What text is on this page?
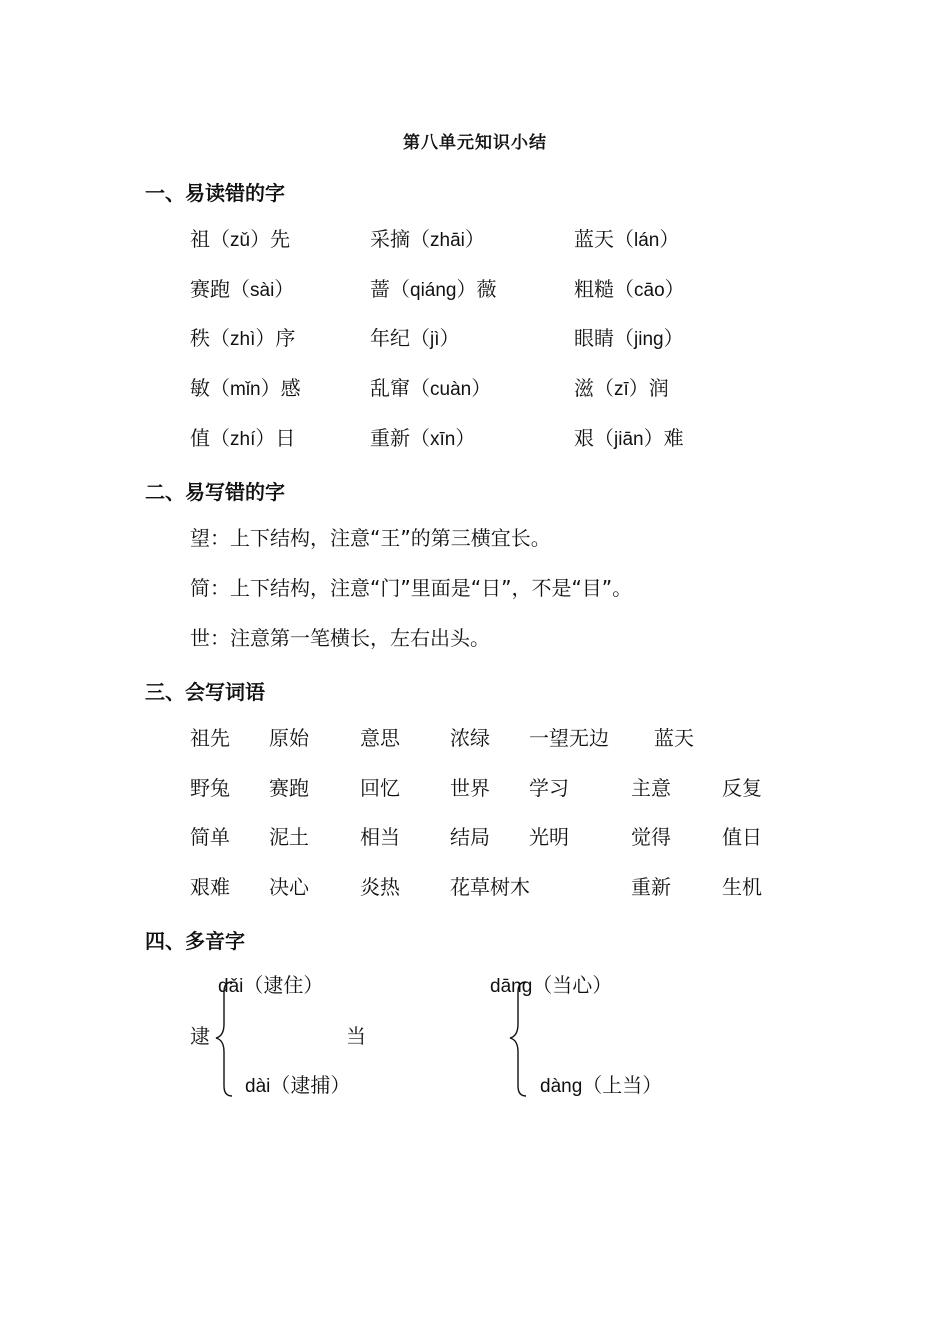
第八单元知识小结
一、易读错的字
祖（zǔ）先	采摘（zhāi）	蓝天（lán）
赛跑（sài）	蔷（qiáng）薇	粗糙（cāo）
秩（zhì）序	年纪（jì）	眼睛（jing）
敏（mǐn）感	乱窜（cuàn）	滋（zī）润
值（zhí）日	重新（xīn）	艰（jiān）难
二、易写错的字
望：上下结构，注意“王”的第三横宜长。
简：上下结构，注意“门”里面是“日”，不是“目”。
世：注意第一笔横长，左右出头。
三、会写词语
祖先 原始	意思	浓绿 一望无边 蓝天
野兔 赛跑	回忆	世界 学习	主意	反复
简单 泥土	相当	结局 光明	觉得	值日
艰难 决心	炎热	花草树木	重新	生机
四、多音字
dǎi（逮住）
逮
dài（逮捕）
当
dāng（当心）
dàng（上当）
